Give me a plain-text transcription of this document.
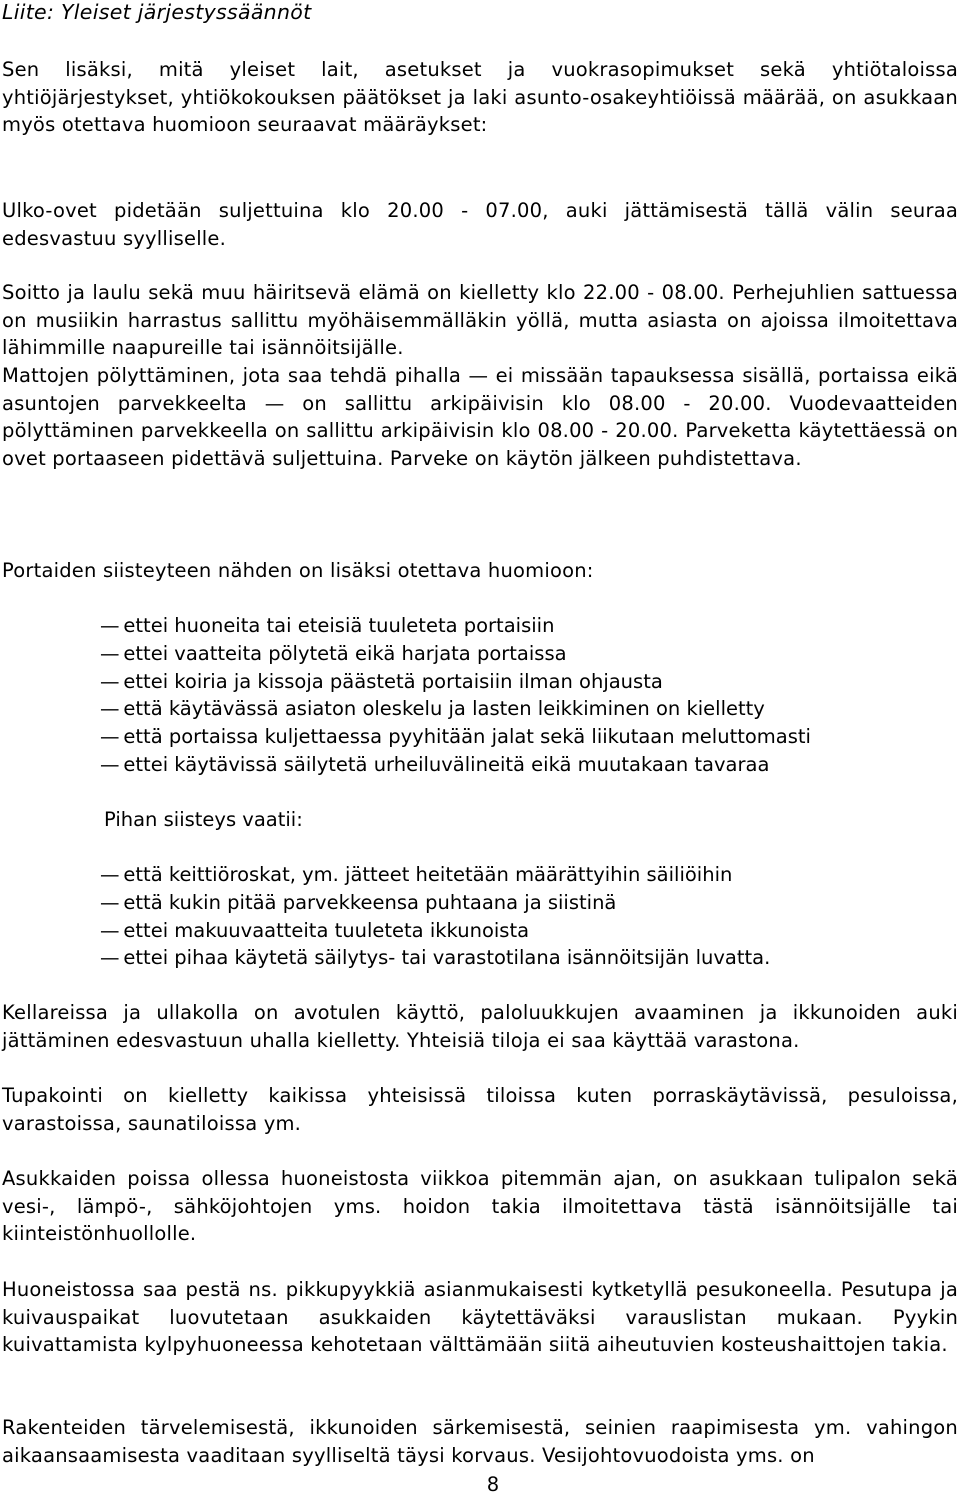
Liite: Yleiset järjestyssäännöt

Sen lisäksi, mitä yleiset lait, asetukset ja vuokrasopimukset sekä yhtiötaloissa yhtiöjärjestykset, yhtiökokouksen päätökset ja laki asunto-osakeyhtiöissä määrää, on asukkaan myös otettava huomioon seuraavat määräykset:

Ulko-ovet pidetään suljettuina klo 20.00 - 07.00, auki jättämisestä tällä välin seuraa edesvastuu syylliselle.

Soitto ja laulu sekä muu häiritsevä elämä on kielletty klo 22.00 - 08.00. Perhejuhlien sattuessa on musiikin harrastus sallittu myöhäisemmälläkin yöllä, mutta asiasta on ajoissa ilmoitettava lähimmille naapureille tai isännöitsijälle.

Mattojen pölyttäminen, jota saa tehdä pihalla — ei missään tapauksessa sisällä, portaissa eikä asuntojen parvekkeelta — on sallittu arkipäivisin klo 08.00 - 20.00. Vuodevaatteiden pölyttäminen parvekkeella on sallittu arkipäivisin klo 08.00 - 20.00. Parveketta käytettäessä on ovet portaaseen pidettävä suljettuina. Parveke on käytön jälkeen puhdistettava.

Portaiden siisteyteen nähden on lisäksi otettava huomioon:

— ettei huoneita tai eteisiä tuuleteta portaisiin
— ettei vaatteita pölytetä eikä harjata portaissa
— ettei koiria ja kissoja päästetä portaisiin ilman ohjausta
— että käytävässä asiaton oleskelu ja lasten leikkiminen on kielletty
— että portaissa kuljettaessa pyyhitään jalat sekä liikutaan meluttomasti
— ettei käytävissä säilytetä urheiluvälineitä eikä muutakaan tavaraa

Pihan siisteys vaatii:

— että keittiöroskat, ym. jätteet heitetään määrättyihin säiliöihin
— että kukin pitää parvekkeensa puhtaana ja siistinä
— ettei makuuvaatteita tuuleteta ikkunoista
— ettei pihaa käytetä säilytys- tai varastotilana isännöitsijän luvatta.

Kellareissa ja ullakolla on avotulen käyttö, paloluukkujen avaaminen ja ikkunoiden auki jättäminen edesvastuun uhalla kielletty. Yhteisiä tiloja ei saa käyttää varastona.

Tupakointi on kielletty kaikissa yhteisissä tiloissa kuten porraskäytävissä, pesuloissa, varastoissa, saunatiloissa ym.

Asukkaiden poissa ollessa huoneistosta viikkoa pitemmän ajan, on asukkaan tulipalon sekä vesi-, lämpö-, sähköjohtojen yms. hoidon takia ilmoitettava tästä isännöitsijälle tai kiinteistönhuollolle.

Huoneistossa saa pestä ns. pikkupyykkiä asianmukaisesti kytketyllä pesukoneella. Pesutupa ja kuivauspaikat luovutetaan asukkaiden käytettäväksi varauslistan mukaan. Pyykin kuivattamista kylpyhuoneessa kehotetaan välttämään siitä aiheutuvien kosteushaittojen takia.

Rakenteiden tärvelemisestä, ikkunoiden särkemisestä, seinien raapimisesta ym. vahingon aikaansaamisesta vaaditaan syylliseltä täysi korvaus. Vesijohtovuodoista yms. on

8
